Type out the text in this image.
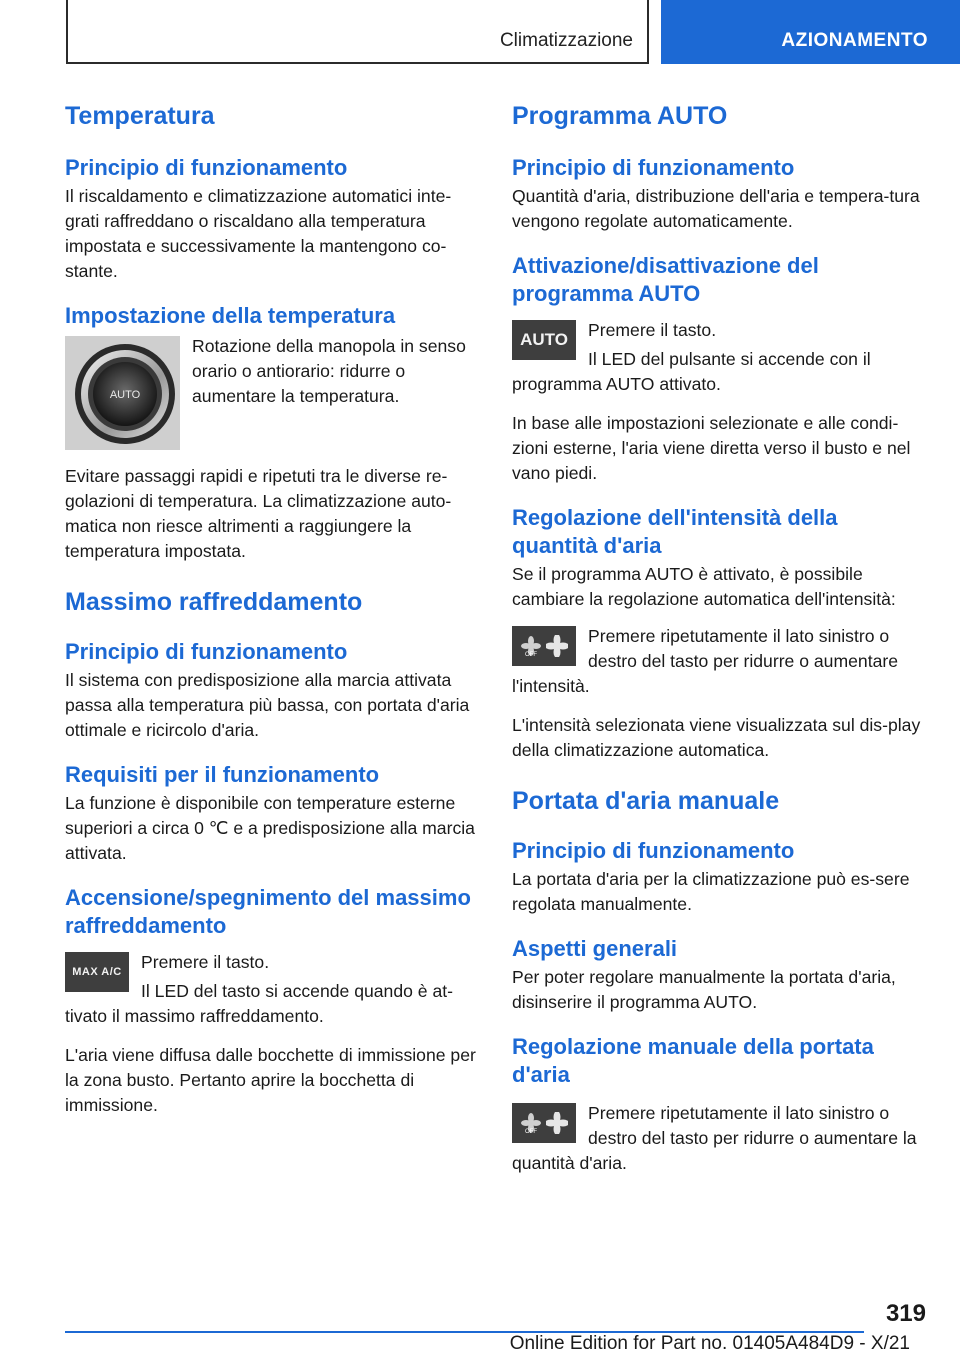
Climatizzazione	AZIONAMENTO
Temperatura
Principio di funzionamento

Il riscaldamento e climatizzazione automatici inte-grati raffreddano o riscaldano alla temperatura impostata e successivamente la mantengono co-stante.

Impostazione della temperatura
AUTO

Rotazione della manopola in senso orario o antiorario: ridurre o aumentare la temperatura.

Evitare passaggi rapidi e ripetuti tra le diverse re-golazioni di temperatura. La climatizzazione auto-matica non riesce altrimenti a raggiungere la temperatura impostata.

Massimo raffreddamento
Principio di funzionamento

Il sistema con predisposizione alla marcia attivata passa alla temperatura più bassa, con portata d'aria ottimale e ricircolo d'aria.

Requisiti per il funzionamento

La funzione è disponibile con temperature esterne superiori a circa 0 ℃ e a predisposizione alla marcia attivata.

Accensione/spegnimento del massimo raffreddamento
MAX A/C	Premere il tasto.

Il LED del tasto si accende quando è at-tivato il massimo raffreddamento.

L'aria viene diffusa dalle bocchette di immissione per la zona busto. Pertanto aprire la bocchetta di immissione.

Programma AUTO
Principio di funzionamento

Quantità d'aria, distribuzione dell'aria e tempera-tura vengono regolate automaticamente.

Attivazione/disattivazione del programma AUTO
AUTO	Premere il tasto.

Il LED del pulsante si accende con il programma AUTO attivato.

In base alle impostazioni selezionate e alle condi-zioni esterne, l'aria viene diretta verso il busto e nel vano piedi.

Regolazione dell'intensità della quantità d'aria

Se il programma AUTO è attivato, è possibile cambiare la regolazione automatica dell'intensità:

OFF

Premere ripetutamente il lato sinistro o destro del tasto per ridurre o aumentare l'intensità.

L'intensità selezionata viene visualizzata sul dis-play della climatizzazione automatica.

Portata d'aria manuale
Principio di funzionamento

La portata d'aria per la climatizzazione può es-sere regolata manualmente.

Aspetti generali

Per poter regolare manualmente la portata d'aria, disinserire il programma AUTO.

Regolazione manuale della portata d'aria
OFF

Premere ripetutamente il lato sinistro o destro del tasto per ridurre o aumentare la quantità d'aria.

319
Online Edition for Part no. 01405A484D9 - X/21
